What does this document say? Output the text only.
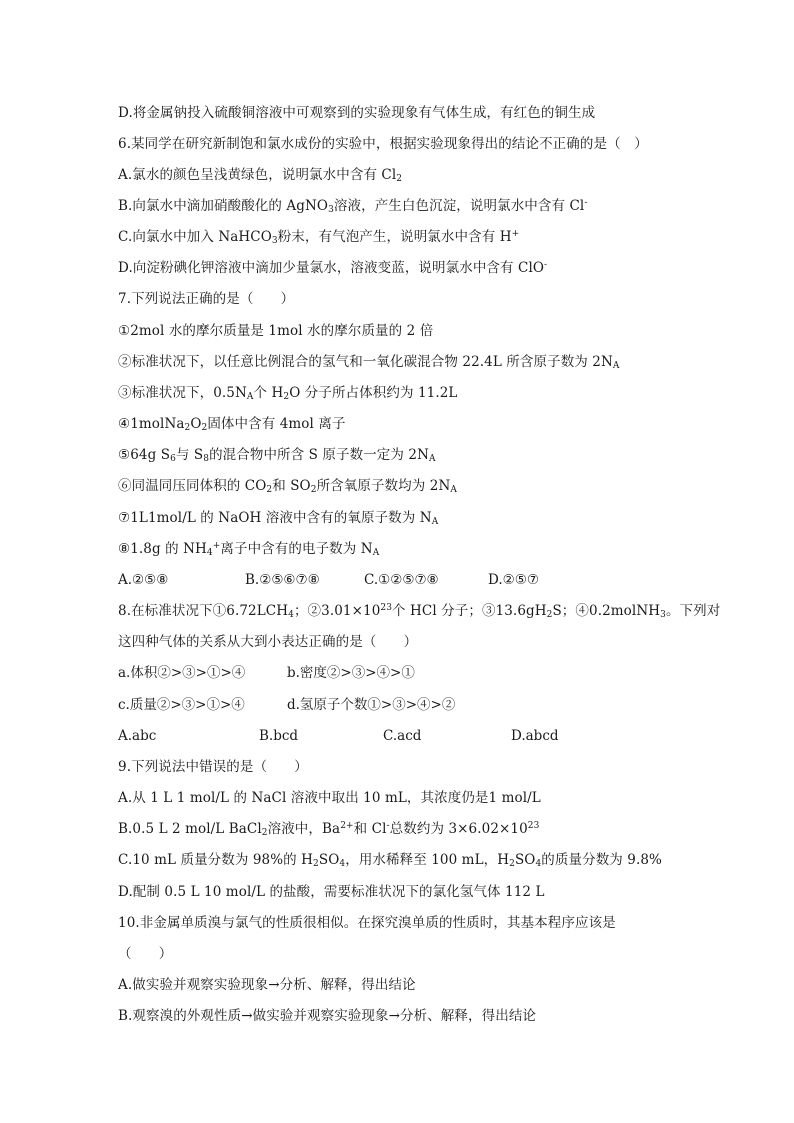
D.将金属钠投入硫酸铜溶液中可观察到的实验现象有气体生成，有红色的铜生成
6.某同学在研究新制饱和氯水成份的实验中，根据实验现象得出的结论不正确的是（　）
A.氯水的颜色呈浅黄绿色，说明氯水中含有 $Cl_2$
B.向氯水中滴加硝酸酸化的 AgNO$_3$溶液，产生白色沉淀，说明氯水中含有 Cl-
C.向氯水中加入 NaHCO$_3$粉末，有气泡产生，说明氯水中含有 H+
D.向淀粉碘化钾溶液中滴加少量氯水，溶液变蓝，说明氯水中含有 ClO-
7.下列说法正确的是（　　）
①2mol 水的摩尔质量是 1mol 水的摩尔质量的 2 倍
②标准状况下，以任意比例混合的氢气和一氧化碳混合物 22.4L 所含原子数为 $2N_A$
③标准状况下，$0.5N_A$个 $H_2O$ 分子所占体积约为 11.2L
$④1molNa_2O_2$固体中含有 4mol 离子
⑤64g $S_6$与 $S_8$的混合物中所含 S 原子数一定为 $2N_A$
⑥同温同压同体积的 $CO_2$和 $SO_2$所含氧原子数均为 $2N_A$
⑦1L1mol/L 的 NaOH 溶液中含有的氧原子数为 $N_A$
⑧1.8g 的 $NH_4^+$离子中含有的电子数为 $N_A$
A.②⑤⑧	B.②⑤⑥⑦⑧	C.①②⑤⑦⑧	D.②⑤⑦
8.在标准状况下$①6.72LCH_4$；$②3.01\times 10^{23}$个 HCl 分子；$③13.6gH_2S$；④0.2molNH$_3$。下列对
这四种气体的关系从大到小表达正确的是（　　）
a.体积②>③>①>④	b.密度②>③>④>①
c.质量②>③>①>④	d.氢原子个数①>③>④>②
A.abc	B.bcd	C.acd	D.abcd
9.下列说法中错误的是（　　）
A.从 1 L 1 mol/L 的 NaCl 溶液中取出 10 mL，其浓度仍是1 mol/L
B.0.5 L 2 mol/L BaCl$_2$溶液中，$Ba^{2+}$和 Cl-总数约为 $3\times 6.02\times 10^{23}$
C.10 mL 质量分数为 98%的 $H_2SO_4$，用水稀释至 100 mL，$H_2SO_4$的质量分数为 9.8%
D.配制 0.5 L 10 mol/L 的盐酸，需要标准状况下的氯化氢气体 112 L
10.非金属单质溴与氯气的性质很相似。在探究溴单质的性质时，其基本程序应该是
（　　）
A.做实验并观察实验现象→分析、解释，得出结论
B.观察溴的外观性质→做实验并观察实验现象→分析、解释，得出结论
